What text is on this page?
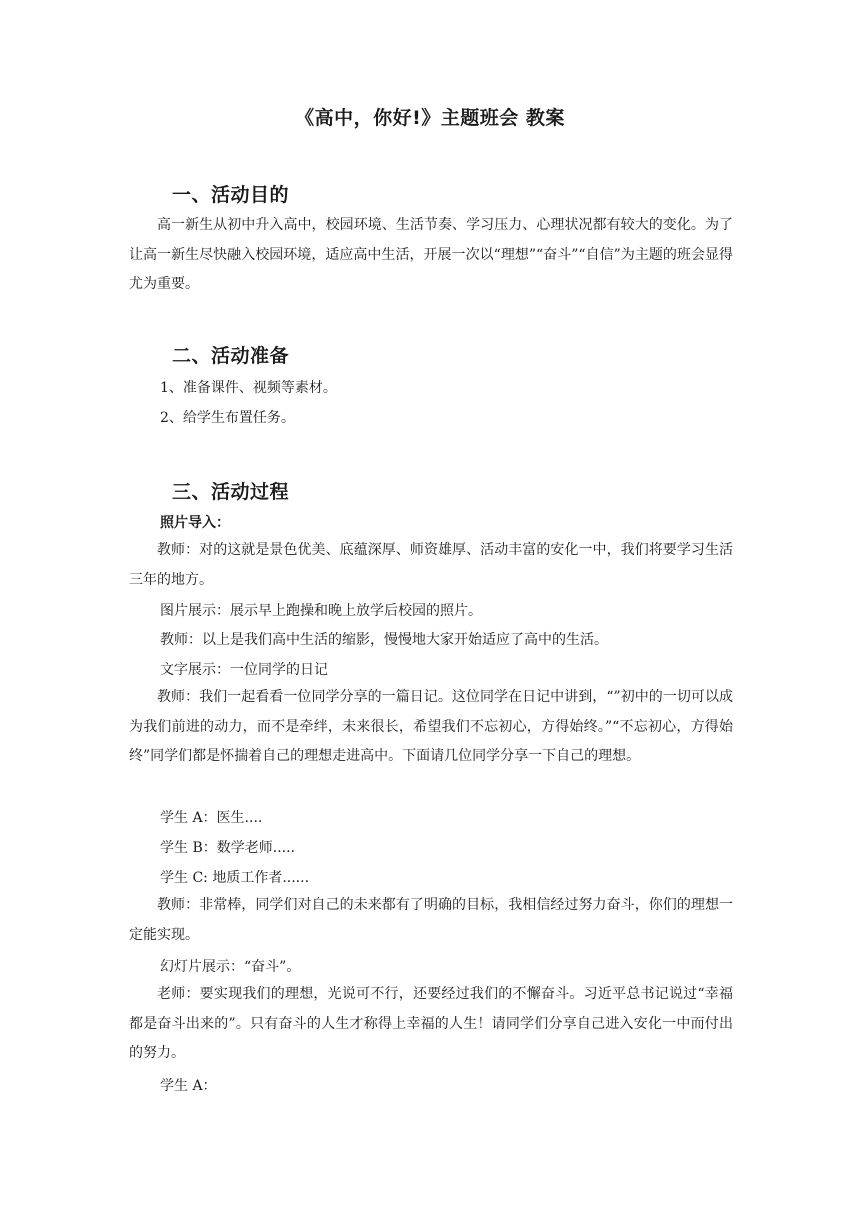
《高中，你好!》主题班会 教案
一、活动目的

高一新生从初中升入高中，校园环境、生活节奏、学习压力、心理状况都有较大的变化。为了让高一新生尽快融入校园环境，适应高中生活，开展一次以“理想”“奋斗”“自信”为主题的班会显得尤为重要。

二、活动准备
1、准备课件、视频等素材。
2、给学生布置任务。
三、活动过程
照片导入：

教师：对的这就是景色优美、底蕴深厚、师资雄厚、活动丰富的安化一中，我们将要学习生活三年的地方。

图片展示：展示早上跑操和晚上放学后校园的照片。
教师：以上是我们高中生活的缩影，慢慢地大家开始适应了高中的生活。
文字展示：一位同学的日记

教师：我们一起看看一位同学分享的一篇日记。这位同学在日记中讲到，“”初中的一切可以成为我们前进的动力，而不是牵绊，未来很长，希望我们不忘初心，方得始终。”“不忘初心，方得始终”同学们都是怀揣着自己的理想走进高中。下面请几位同学分享一下自己的理想。

学生 A：医生....
学生 B：数学老师.....
学生 C: 地质工作者......

教师：非常棒，同学们对自己的未来都有了明确的目标，我相信经过努力奋斗，你们的理想一定能实现。

幻灯片展示：“奋斗”。

老师：要实现我们的理想，光说可不行，还要经过我们的不懈奋斗。习近平总书记说过“幸福都是奋斗出来的”。只有奋斗的人生才称得上幸福的人生！请同学们分享自己进入安化一中而付出的努力。

学生 A：
